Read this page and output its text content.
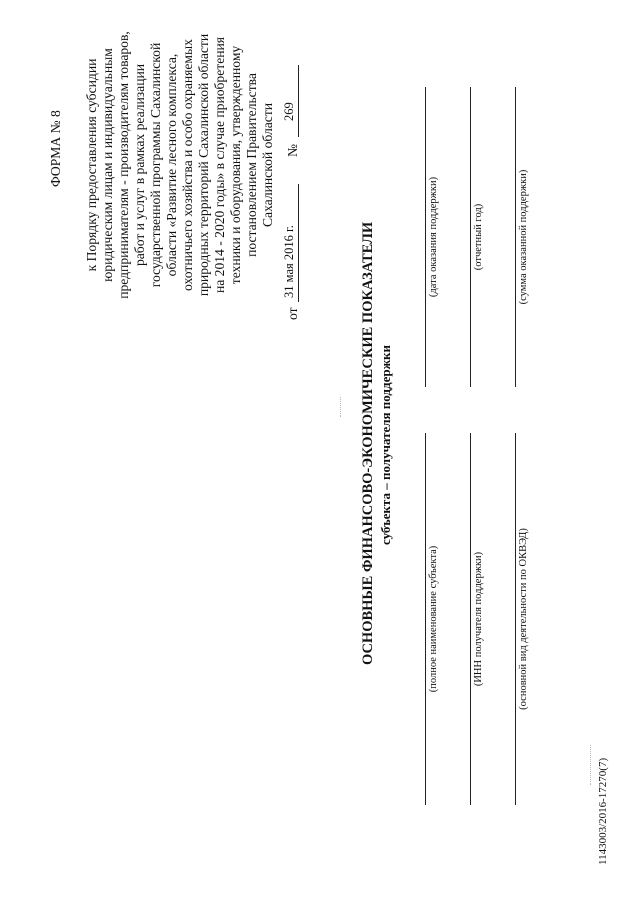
ФОРМА № 8 к Порядку предоставления субсидии юридическим лицам и индивидуальным предпринимателям - производителям товаров, работ и услуг в рамках реализации государственной программы Сахалинской области «Развитие лесного комплекса, охотничьего хозяйства и особо охраняемых природных территорий Сахалинской области на 2014 - 2020 годы» в случае приобретения техники и оборудования, утвержденному постановлением Правительства Сахалинской области
от
31 мая 2016 г.
№
269
ОСНОВНЫЕ ФИНАНСОВО-ЭКОНОМИЧЕСКИЕ ПОКАЗАТЕЛИ субъекта – получателя поддержки
(полное наименование субъекта)
(дата оказания поддержки)
(ИНН получателя поддержки)
(отчетный год)
(основной вид деятельности по ОКВЭД)
(сумма оказанной поддержки)
1143003/2016-17270(7)
